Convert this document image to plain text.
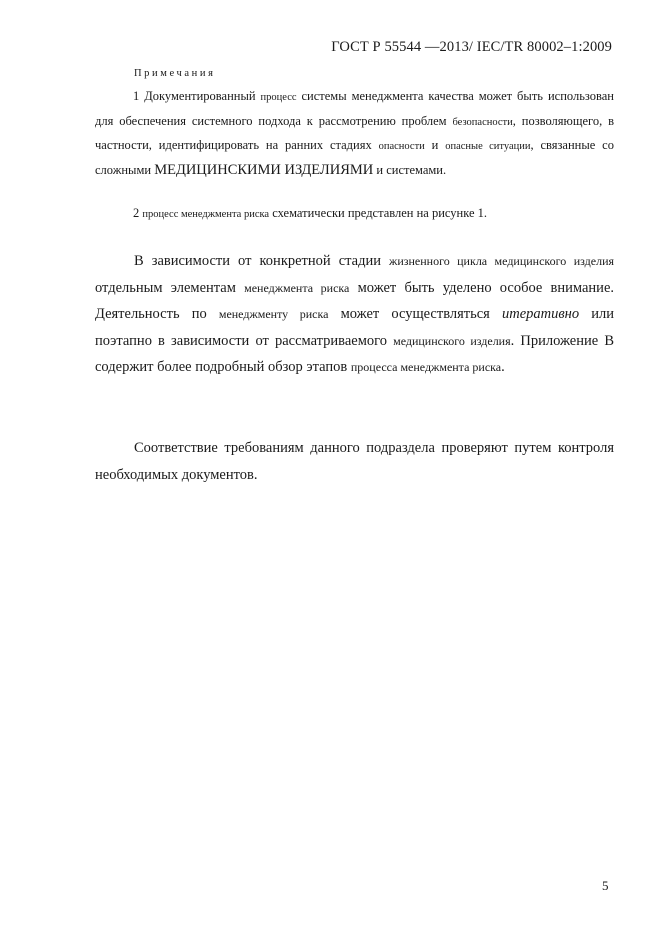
ГОСТ Р 55544 —2013/ IEC/TR 80002–1:2009
Примечания

1 Документированный процесс системы менеджмента качества может быть использован для обеспечения системного подхода к рассмотрению проблем безопасности, позволяющего, в частности, идентифицировать на ранних стадиях опасности и опасные ситуации, связанные со сложными МЕДИЦИНСКИМИ ИЗДЕЛИЯМИ и системами.

2 процесс менеджмента риска схематически представлен на рисунке 1.

В зависимости от конкретной стадии жизненного цикла медицинского изделия отдельным элементам менеджмента риска может быть уделено особое внимание. Деятельность по менеджменту риска может осуществляться итеративно или поэтапно в зависимости от рассматриваемого медицинского изделия. Приложение В содержит более подробный обзор этапов процесса менеджмента риска.

Соответствие требованиям данного подраздела проверяют путем контроля необходимых документов.

5
